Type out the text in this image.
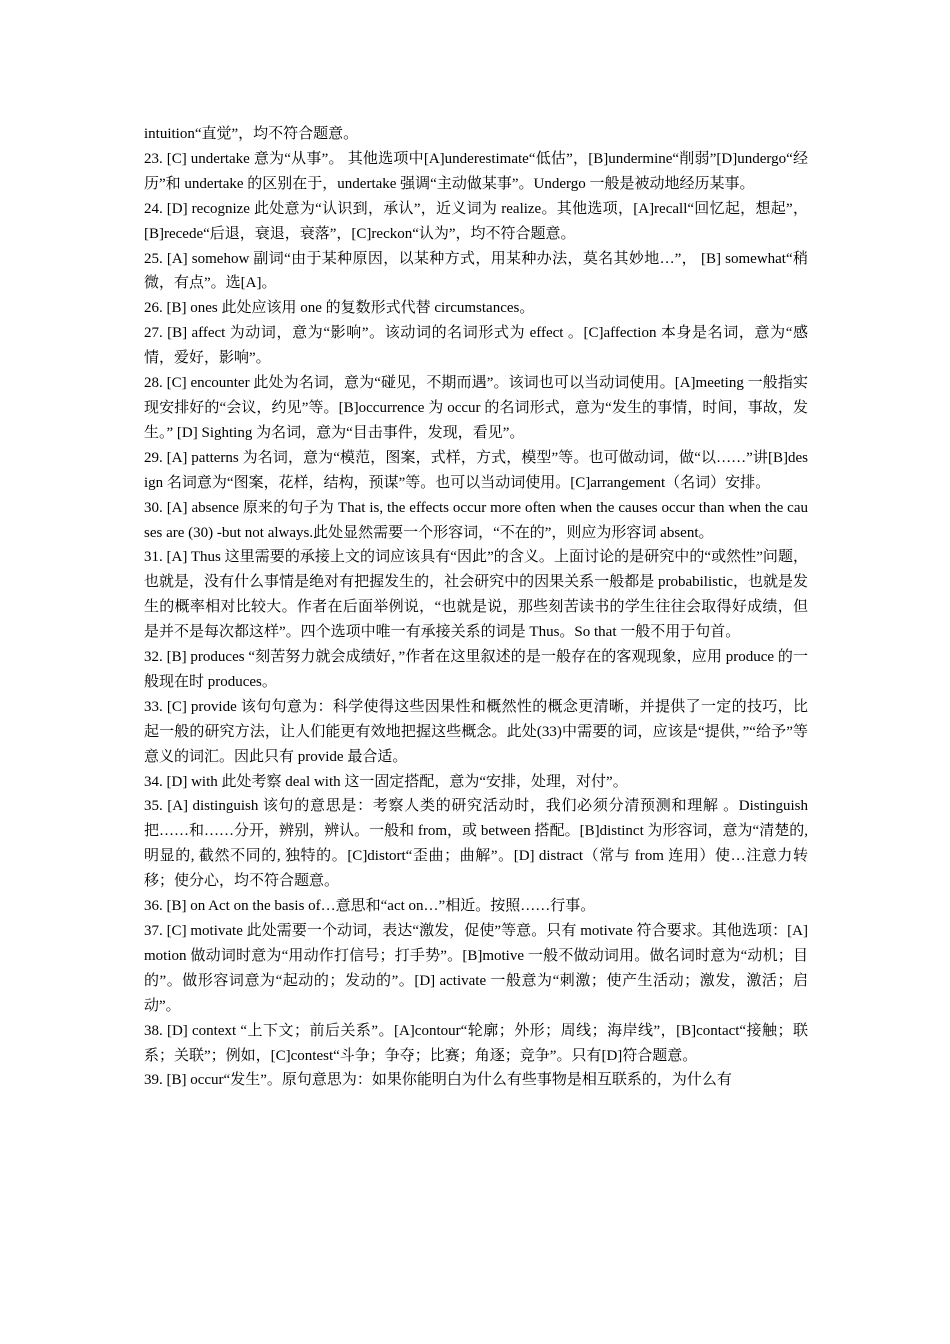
intuition“直觉”，均不符合题意。

23. [C] undertake 意为“从事”。 其他选项中[A]underestimate“低估”，[B]undermine“削弱”[D]undergo“经历”和 undertake 的区别在于，undertake 强调“主动做某事”。Undergo 一般是被动地经历某事。

24. [D] recognize 此处意为“认识到，承认”，近义词为 realize。其他选项，[A]recall“回忆起，想起”，[B]recede“后退，衰退，衰落”，[C]reckon“认为”，均不符合题意。

25. [A] somehow 副词“由于某种原因，以某种方式，用某种办法，莫名其妙地…”， [B] somewhat“稍微，有点”。选[A]。

26. [B] ones 此处应该用 one 的复数形式代替 circumstances。

27. [B] affect 为动词，意为“影响”。该动词的名词形式为 effect 。[C]affection 本身是名词，意为“感情，爱好，影响”。

28. [C] encounter 此处为名词，意为“碰见，不期而遇”。该词也可以当动词使用。[A]meeting 一般指实现安排好的“会议，约见”等。[B]occurrence 为 occur 的名词形式，意为“发生的事情，时间，事故，发生。” [D] Sighting 为名词，意为“目击事件，发现，看见”。

29. [A] patterns 为名词，意为“模范，图案，式样，方式，模型”等。也可做动词，做“以……”讲[B]design 名词意为“图案，花样，结构，预谋”等。也可以当动词使用。[C]arrangement（名词）安排。

30. [A] absence 原来的句子为 That is, the effects occur more often when the causes occur than when the causes are (30) -but not always.此处显然需要一个形容词，“不在的”，则应为形容词 absent。

31. [A] Thus 这里需要的承接上文的词应该具有“因此”的含义。上面讨论的是研究中的“或然性”问题，也就是，没有什么事情是绝对有把握发生的，社会研究中的因果关系一般都是 probabilistic，也就是发生的概率相对比较大。作者在后面举例说，“也就是说，那些刻苦读书的学生往往会取得好成绩，但是并不是每次都这样”。四个选项中唯一有承接关系的词是 Thus。So that 一般不用于句首。

32. [B] produces “刻苦努力就会成绩好，”作者在这里叙述的是一般存在的客观现象，应用 produce 的一般现在时 produces。

33. [C] provide 该句句意为：科学使得这些因果性和概然性的概念更清晰，并提供了一定的技巧，比起一般的研究方法，让人们能更有效地把握这些概念。此处(33)中需要的词，应该是“提供，”“给予”等意义的词汇。因此只有 provide 最合适。

34. [D] with 此处考察 deal with 这一固定搭配，意为“安排，处理，对付”。

35. [A] distinguish 该句的意思是：考察人类的研究活动时，我们必须分清预测和理解 。Distinguish 把……和……分开，辨别，辨认。一般和 from，或 between 搭配。[B]distinct 为形容词，意为“清楚的, 明显的, 截然不同的, 独特的。[C]distort“歪曲；曲解”。[D] distract（常与 from 连用）使…注意力转移；使分心，均不符合题意。

36. [B] on Act on the basis of…意思和“act on…”相近。按照……行事。

37. [C] motivate 此处需要一个动词，表达“激发，促使”等意。只有 motivate 符合要求。其他选项：[A]motion 做动词时意为“用动作打信号；打手势”。[B]motive 一般不做动词用。做名词时意为“动机；目的”。做形容词意为“起动的；发动的”。[D] activate 一般意为“刺激；使产生活动；激发，激活；启动”。

38. [D] context “上下文；前后关系”。[A]contour“轮廓；外形；周线；海岸线”，[B]contact“接触；联系；关联”；例如，[C]contest“斗争；争夺；比赛；角逐；竞争”。只有[D]符合题意。

39. [B] occur“发生”。原句意思为：如果你能明白为什么有些事物是相互联系的，为什么有
